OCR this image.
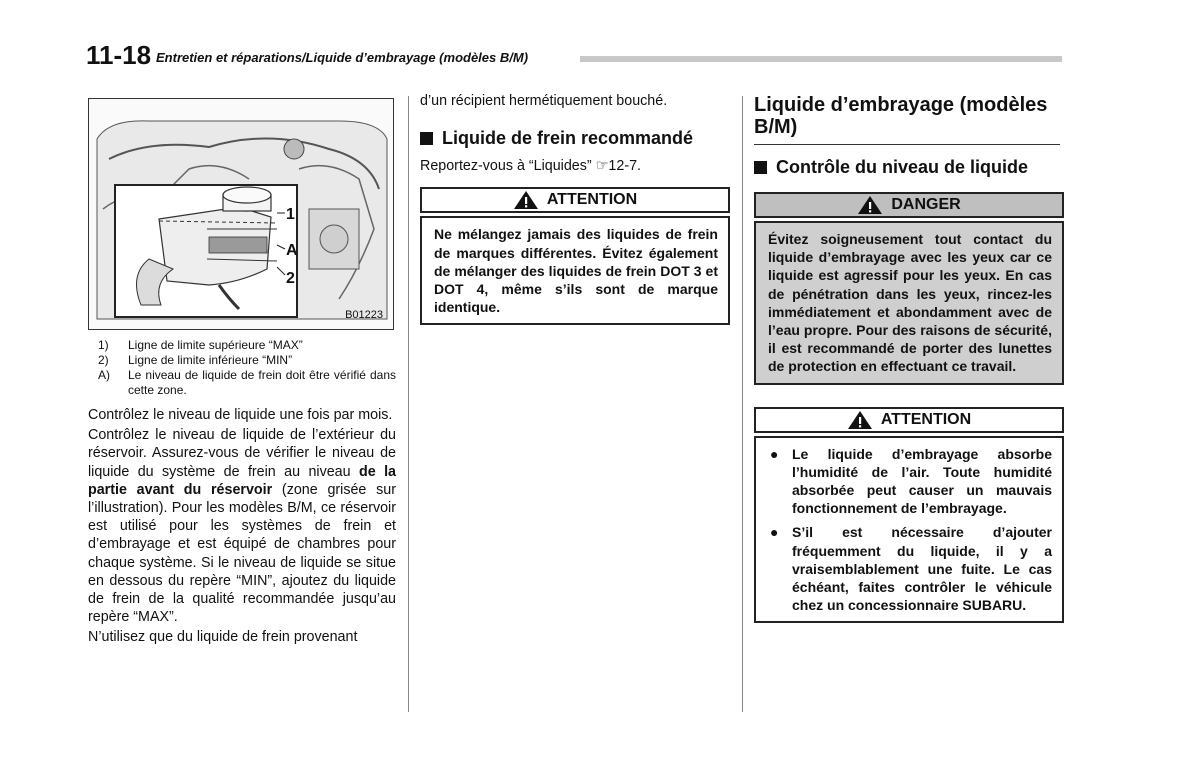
11-18 Entretien et réparations/Liquide d’embrayage (modèles B/M)
1
A
2
B01223
1)	Ligne de limite supérieure “MAX”
2)	Ligne de limite inférieure “MIN”
A)	Le niveau de liquide de frein doit être vérifié dans cette zone.

Contrôlez le niveau de liquide une fois par mois.

Contrôlez le niveau de liquide de l’extérieur du réservoir. Assurez-vous de vérifier le niveau de liquide du système de frein au niveau de la partie avant du réservoir (zone grisée sur l’illustration). Pour les modèles B/M, ce réservoir est utilisé pour les systèmes de frein et d’embrayage et est équipé de chambres pour chaque système. Si le niveau de liquide se situe en dessous du repère “MIN”, ajoutez du liquide de frein de la qualité recommandée jusqu’au repère “MAX”.

N’utilisez que du liquide de frein provenant

d’un récipient hermétiquement bouché.

Liquide de frein recommandé

Reportez-vous à “Liquides” ☞12-7.

ATTENTION
Ne mélangez jamais des liquides de frein de marques différentes. Évitez également de mélanger des liquides de frein DOT 3 et DOT 4, même s’ils sont de marque identique.
Liquide d’embrayage (modèles B/M)
Contrôle du niveau de liquide
DANGER
Évitez soigneusement tout contact du liquide d’embrayage avec les yeux car ce liquide est agressif pour les yeux. En cas de pénétration dans les yeux, rincez-les immédiatement et abondamment avec de l’eau propre. Pour des raisons de sécurité, il est recommandé de porter des lunettes de protection en effectuant ce travail.
ATTENTION
● Le liquide d’embrayage absorbe l’humidité de l’air. Toute humidité absorbée peut causer un mauvais fonctionnement de l’embrayage.
● S’il est nécessaire d’ajouter fréquemment du liquide, il y a vraisemblablement une fuite. Le cas échéant, faites contrôler le véhicule chez un concessionnaire SUBARU.
